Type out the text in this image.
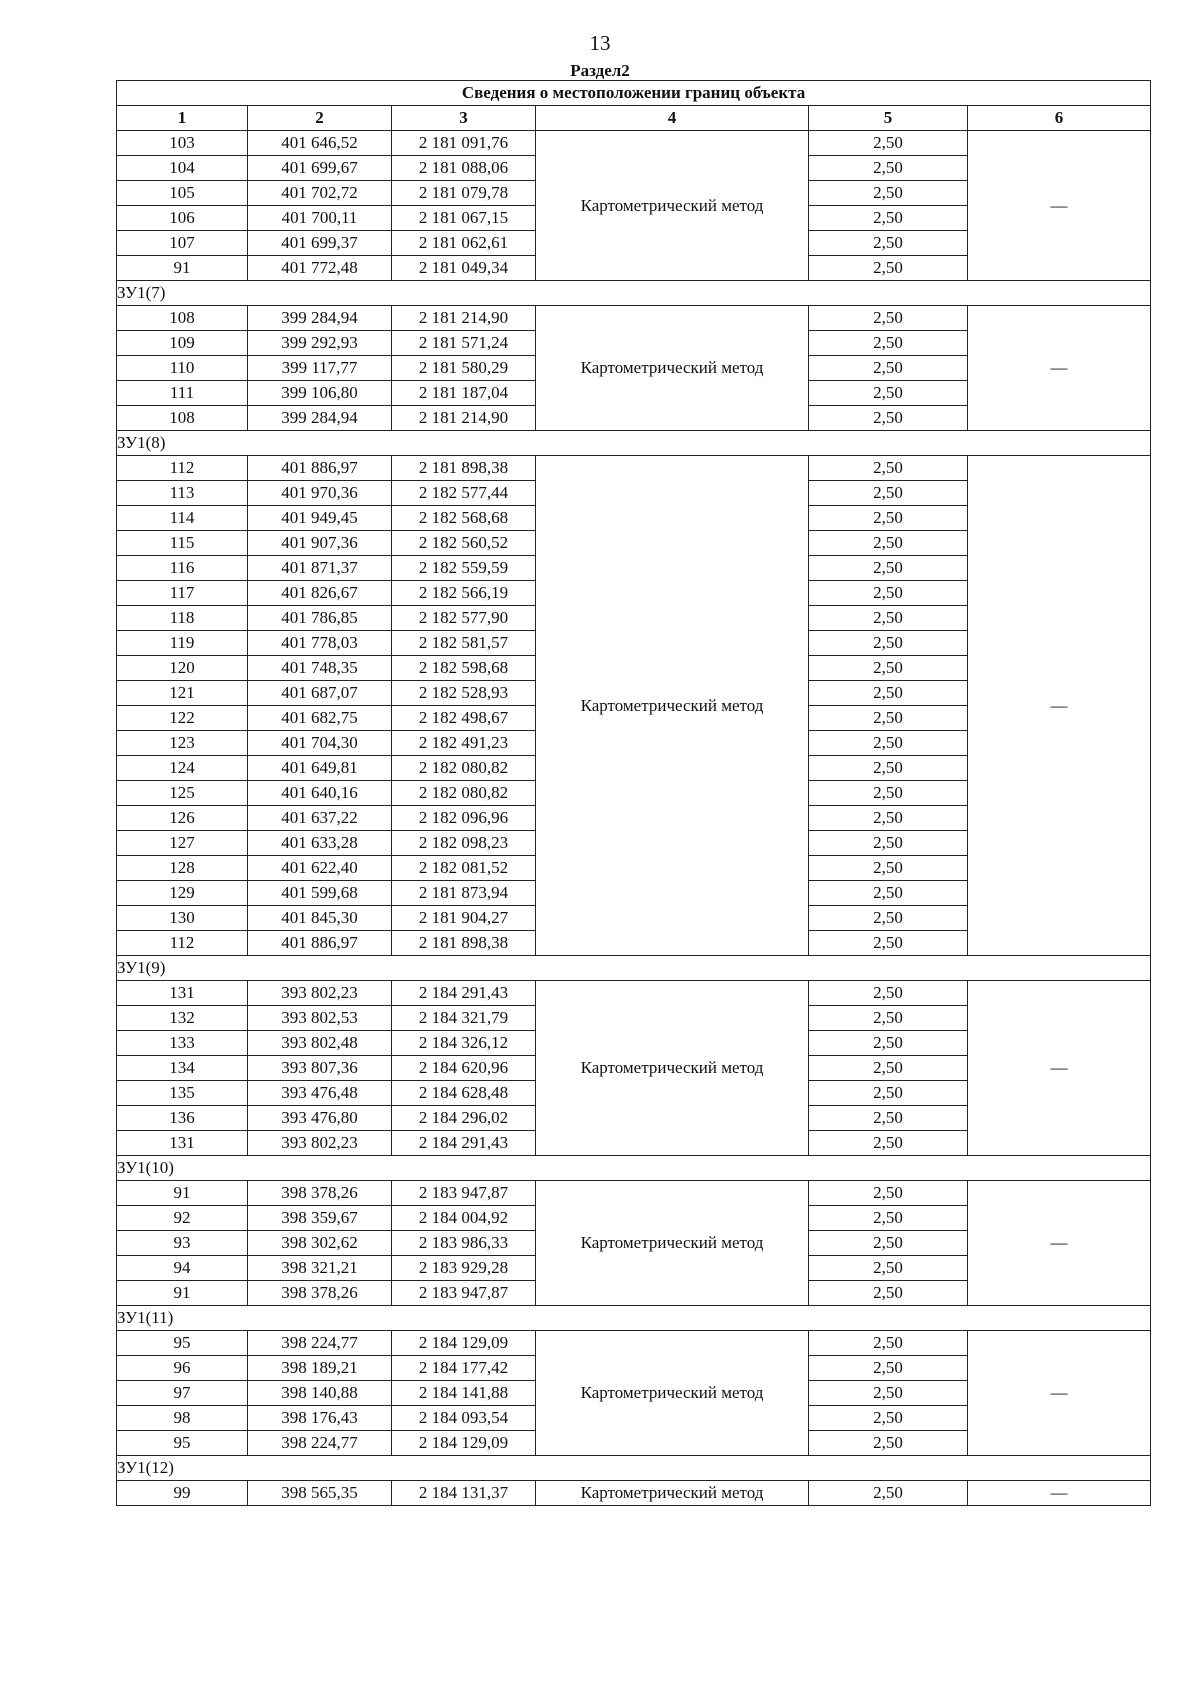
13
Раздел2
Сведения о местоположении границ объекта					
1	2	3	4	5	6
103	401 646,52	2 181 091,76	Картометрический метод	2,50	—
104	401 699,67	2 181 088,06		2,50	
105	401 702,72	2 181 079,78		2,50	
106	401 700,11	2 181 067,15		2,50	
107	401 699,37	2 181 062,61		2,50	
91	401 772,48	2 181 049,34		2,50	
ЗУ1(7)					
108	399 284,94	2 181 214,90	Картометрический метод	2,50	—
109	399 292,93	2 181 571,24		2,50	
110	399 117,77	2 181 580,29		2,50	
111	399 106,80	2 181 187,04		2,50	
108	399 284,94	2 181 214,90		2,50	
ЗУ1(8)					
112	401 886,97	2 181 898,38	Картометрический метод	2,50	—
113	401 970,36	2 182 577,44		2,50	
114	401 949,45	2 182 568,68		2,50	
115	401 907,36	2 182 560,52		2,50	
116	401 871,37	2 182 559,59		2,50	
117	401 826,67	2 182 566,19		2,50	
118	401 786,85	2 182 577,90		2,50	
119	401 778,03	2 182 581,57		2,50	
120	401 748,35	2 182 598,68		2,50	
121	401 687,07	2 182 528,93		2,50	
122	401 682,75	2 182 498,67		2,50	
123	401 704,30	2 182 491,23		2,50	
124	401 649,81	2 182 080,82		2,50	
125	401 640,16	2 182 080,82		2,50	
126	401 637,22	2 182 096,96		2,50	
127	401 633,28	2 182 098,23		2,50	
128	401 622,40	2 182 081,52		2,50	
129	401 599,68	2 181 873,94		2,50	
130	401 845,30	2 181 904,27		2,50	
112	401 886,97	2 181 898,38		2,50	
ЗУ1(9)					
131	393 802,23	2 184 291,43	Картометрический метод	2,50	—
132	393 802,53	2 184 321,79		2,50	
133	393 802,48	2 184 326,12		2,50	
134	393 807,36	2 184 620,96		2,50	
135	393 476,48	2 184 628,48		2,50	
136	393 476,80	2 184 296,02		2,50	
131	393 802,23	2 184 291,43		2,50	
ЗУ1(10)					
91	398 378,26	2 183 947,87	Картометрический метод	2,50	—
92	398 359,67	2 184 004,92		2,50	
93	398 302,62	2 183 986,33		2,50	
94	398 321,21	2 183 929,28		2,50	
91	398 378,26	2 183 947,87		2,50	
ЗУ1(11)					
95	398 224,77	2 184 129,09	Картометрический метод	2,50	—
96	398 189,21	2 184 177,42		2,50	
97	398 140,88	2 184 141,88		2,50	
98	398 176,43	2 184 093,54		2,50	
95	398 224,77	2 184 129,09		2,50	
ЗУ1(12)					
99	398 565,35	2 184 131,37	Картометрический метод	2,50	—
